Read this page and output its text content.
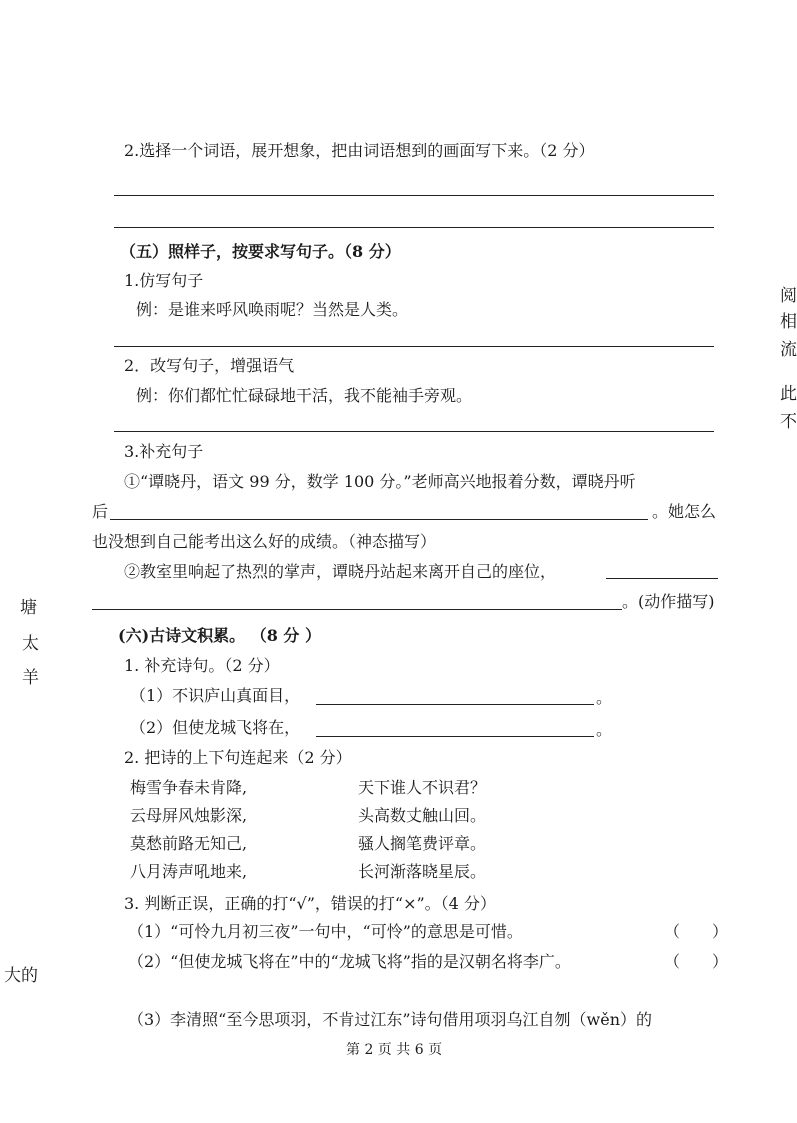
2.选择一个词语，展开想象，把由词语想到的画面写下来。（2 分）
（五）照样子，按要求写句子。（8 分）
1.仿写句子
例：是谁来呼风唤雨呢？当然是人类。
2．改写句子，增强语气
例：你们都忙忙碌碌地干活，我不能袖手旁观。
3.补充句子
①“谭晓丹，语文 99 分，数学 100 分。”老师高兴地报着分数，谭晓丹听
后	。她怎么
也没想到自己能考出这么好的成绩。（神态描写）
②教室里响起了热烈的掌声，谭晓丹站起来离开自己的座位，
。(动作描写)
(六)古诗文积累。 （8 分 ）
1. 补充诗句。（2 分）
（1）不识庐山真面目，	。
（2）但使龙城飞将在，	。
2. 把诗的上下句连起来（2 分）
梅雪争春未肯降,	天下谁人不识君？
云母屏风烛影深,	头高数丈触山回。
莫愁前路无知己,	骚人搁笔费评章。
八月涛声吼地来,	长河渐落晓星辰。
3. 判断正误，正确的打“√”，错误的打“×”。（4 分）
（1）“可怜九月初三夜”一句中，“可怜”的意思是可惜。	（　　）
（2）“但使龙城飞将在”中的“龙城飞将”指的是汉朝名将李广。	（　　）
（3）李清照“至今思项羽，不肯过江东”诗句借用项羽乌江自刎（wěn）的
塘
太
羊
大的
阅
相
流
此
不
第 2 页 共 6 页
